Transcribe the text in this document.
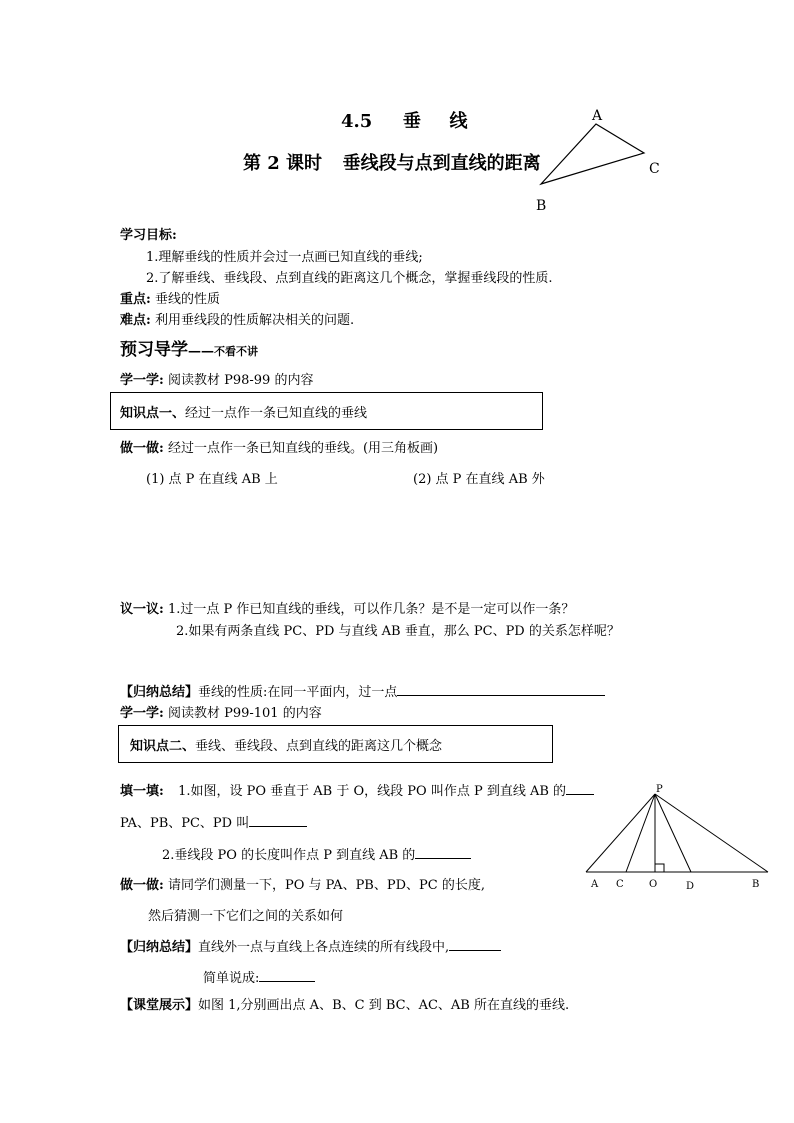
4.5 垂 线
第 2 课时 垂线段与点到直线的距离
A
C
B
学习目标:
1.理解垂线的性质并会过一点画已知直线的垂线;
2.了解垂线、垂线段、点到直线的距离这几个概念，掌握垂线段的性质.
重点: 垂线的性质
难点: 利用垂线段的性质解决相关的问题.
预习导学——不看不讲
学一学: 阅读教材 P98-99 的内容
知识点一、经过一点作一条已知直线的垂线
做一做: 经过一点作一条已知直线的垂线。(用三角板画)
(1) 点 P 在直线 AB 上	(2) 点 P 在直线 AB 外
议一议: 1.过一点 P 作已知直线的垂线，可以作几条？是不是一定可以作一条？
2.如果有两条直线 PC、PD 与直线 AB 垂直，那么 PC、PD 的关系怎样呢？
【归纳总结】垂线的性质:在同一平面内，过一点
学一学: 阅读教材 P99-101 的内容
知识点二、垂线、垂线段、点到直线的距离这几个概念
填一填: 1.如图，设 PO 垂直于 AB 于 O，线段 PO 叫作点 P 到直线 AB 的
PA、PB、PC、PD 叫
2.垂线段 PO 的长度叫作点 P 到直线 AB 的
做一做: 请同学们测量一下，PO 与 PA、PB、PD、PC 的长度,
然后猜测一下它们之间的关系如何
【归纳总结】直线外一点与直线上各点连续的所有线段中,
简单说成:
【课堂展示】如图 1,分别画出点 A、B、C 到 BC、AC、AB 所在直线的垂线.
P
A C	O	D	B
